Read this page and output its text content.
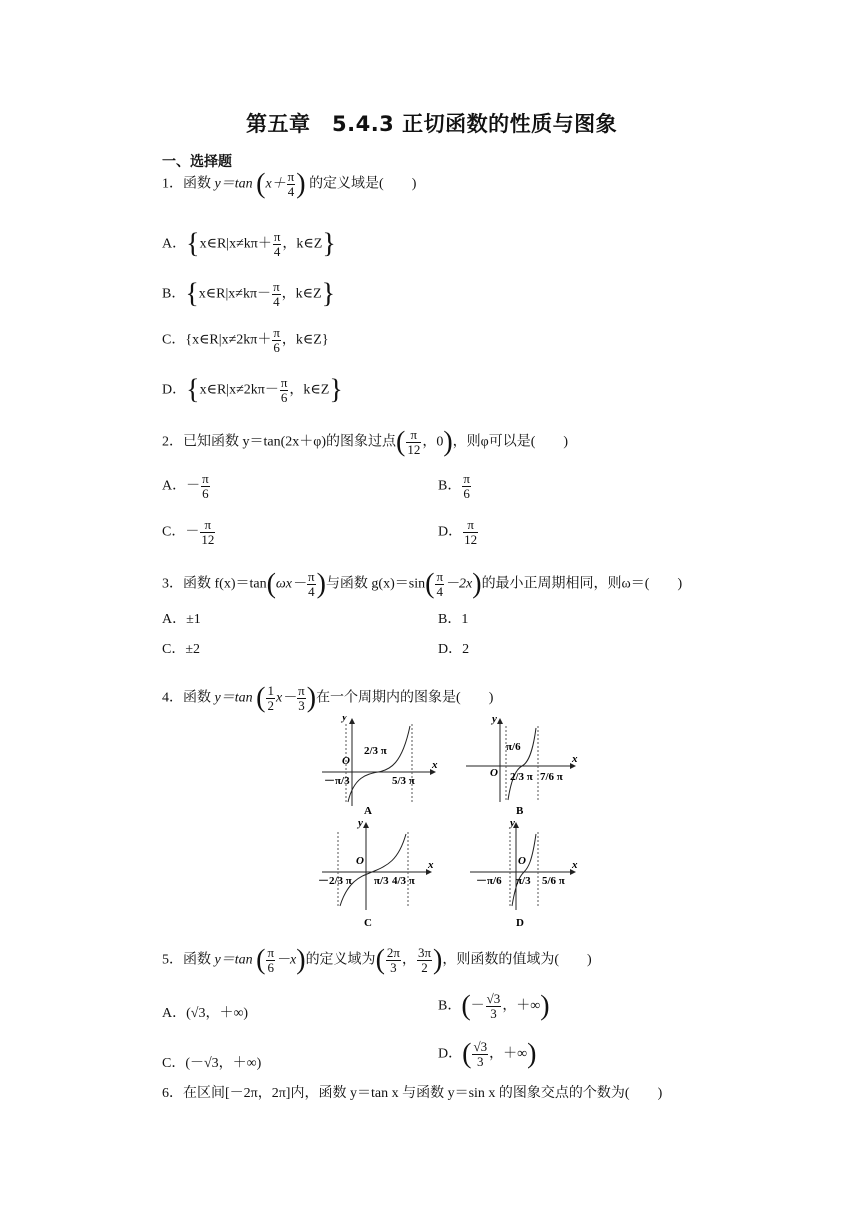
第五章　5.4.3 正切函数的性质与图象
一、选择题
1．函数 y＝tan ($x+ \frac{\pi}{4}$ ) 的定义域是(　　)
A．{x∈R|x≠kπ＋ $\frac{\pi}{4}$ ，k∈Z}
B．{x∈R|x≠kπ－ $\frac{\pi}{4}$ ，k∈Z}
C．{x∈R|x≠2kπ＋ $\frac{\pi}{6}$ ，k∈Z}
D．{x∈R|x≠2kπ－ $\frac{\pi}{6}$ ，k∈Z}
2．已知函数 y＝tan(2x＋φ)的图象过点( $\frac{\pi}{12}$ ，0)，则φ可以是(　　)
A．－ $\frac{\pi}{6}$	B． $\frac{\pi}{6}$
C．－ $\frac{\pi}{12}$	D． $\frac{\pi}{12}$
3．函数 $f(x)=\tan(\omega x- \frac{\pi}{4}$ )与函数 $g(x)=\sin( \frac{\pi}{4} -2x)$的最小正周期相同，则ω＝(　　)
A．±1	B．1
C．±2	D．2
4．函数 y＝tan ( $\frac{1}{2} x- \frac{\pi}{3}$ )在一个周期内的图象是(　　)
y
x
O
－π/3
2/3 π
5/3 π
A
y
x
O
π/6
2/3 π 7/6 π
B
y
x
O
－2/3 π π/3 4/3 π
C
y
x
O
－π/6 π/3 5/6 π
D
5．函数 y＝tan ( $\frac{\pi}{6} -x$)的定义域为( $\frac{2\pi}{3}$ ， $\frac{3\pi}{2}$ )，则函数的值域为(　　)
A．(√3，＋∞)	B．(－ $\frac{√3}{3}$ ，＋∞)
C．(－√3，＋∞)
D．( $\frac{√3}{3}$ ，＋∞)
6．在区间[－2π，2π]内，函数 y＝tan x 与函数 y＝sin x 的图象交点的个数为(　　)
